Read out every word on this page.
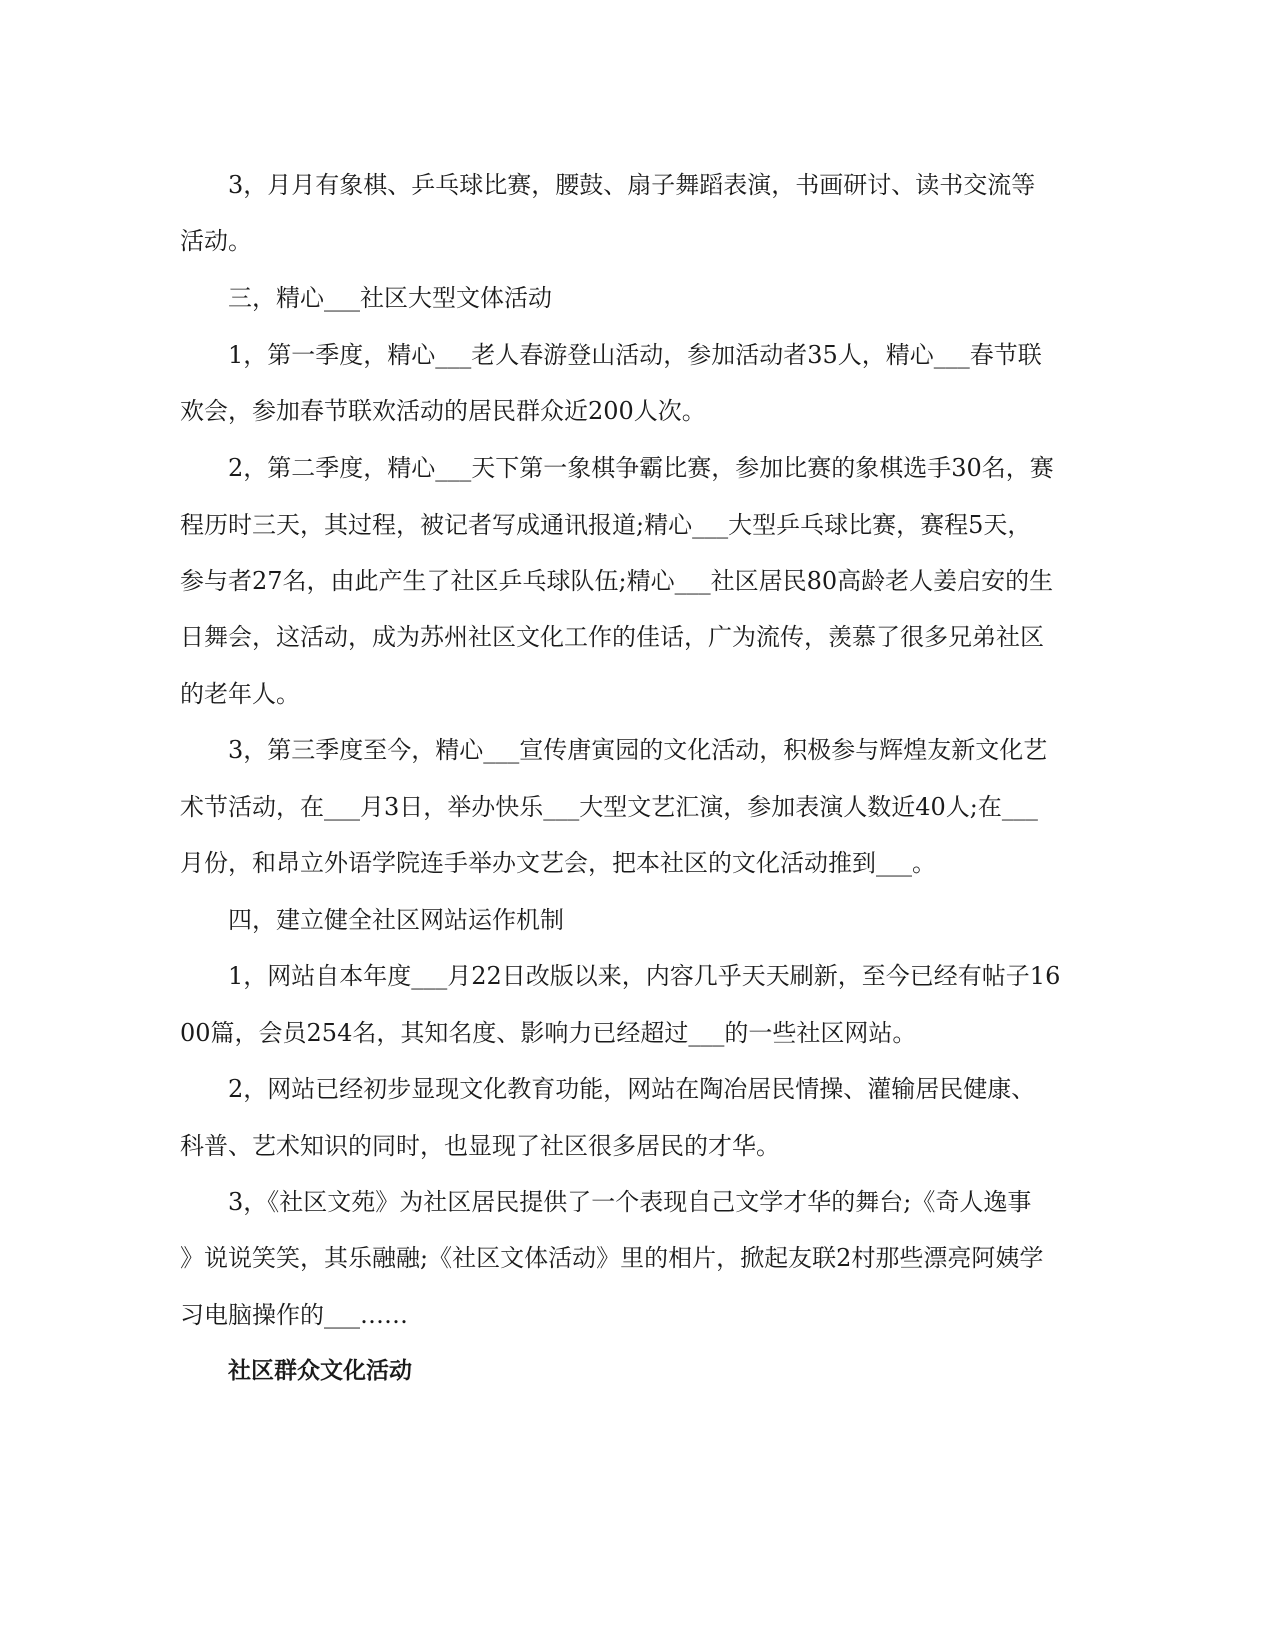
3，月月有象棋、乒乓球比赛，腰鼓、扇子舞蹈表演，书画研讨、读书交流等

活动。

三，精心___社区大型文体活动

1，第一季度，精心___老人春游登山活动，参加活动者35人，精心___春节联

欢会，参加春节联欢活动的居民群众近200人次。

2，第二季度，精心___天下第一象棋争霸比赛，参加比赛的象棋选手30名，赛

程历时三天，其过程，被记者写成通讯报道;精心___大型乒乓球比赛，赛程5天，

参与者27名，由此产生了社区乒乓球队伍;精心___社区居民80高龄老人姜启安的生

日舞会，这活动，成为苏州社区文化工作的佳话，广为流传，羡慕了很多兄弟社区

的老年人。

3，第三季度至今，精心___宣传唐寅园的文化活动，积极参与辉煌友新文化艺

术节活动，在___月3日，举办快乐___大型文艺汇演，参加表演人数近40人;在___

月份，和昂立外语学院连手举办文艺会，把本社区的文化活动推到___。

四，建立健全社区网站运作机制

1，网站自本年度___月22日改版以来，内容几乎天天刷新，至今已经有帖子16

00篇，会员254名，其知名度、影响力已经超过___的一些社区网站。

2，网站已经初步显现文化教育功能，网站在陶冶居民情操、灌输居民健康、

科普、艺术知识的同时，也显现了社区很多居民的才华。

3，《社区文苑》为社区居民提供了一个表现自己文学才华的舞台;《奇人逸事

》说说笑笑，其乐融融;《社区文体活动》里的相片，掀起友联2村那些漂亮阿姨学

习电脑操作的___……

社区群众文化活动
